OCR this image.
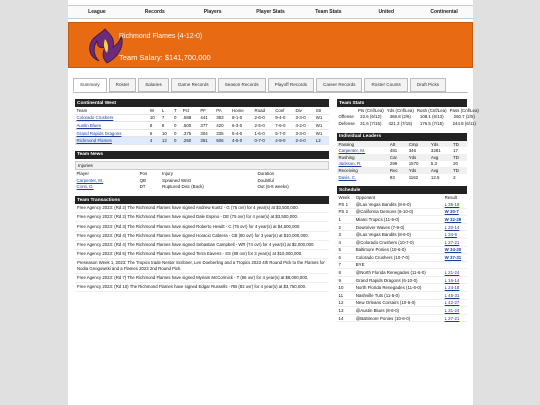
League	Records	Players	Player Stats	Team Stats	United	Continental
Richmond Flames (4-12-0)
Team Salary: $141,700,000
Summary	Roster	Salaries	Game Records	Season Records	Playoff Records	Career Records	Roster Counts	Draft Picks
Continental West
Team	W	L	T	Pct	PF	PA	Home	Road	Conf	Div	Str
Colorado Crushers	10	7	0	.588	441	383	8-1-0	2-6-0	9-4-0	3-3-0	W1
Austin Blues	8	8	0	.500	377	420	6-3-0	2-5-0	7-6-0	4-2-0	W1
Grand Rapids Dragons	6	10	0	.375	304	335	5-4-0	1-6-0	5-7-0	3-3-0	W1
Richmond Flames	4	12	0	.250	361	506	4-5-0	0-7-0	4-9-0	2-4-0	L2
Team News
Injuries
Player	Pos	Injury	Duration
Carpenter, M.	QB	Sprained Wrist	Doubtful
Conti, D.	DT	Ruptured Disc (Back)	Out (6-8 weeks)
Team Transactions

Free Agency 2023: (Rd 2) The Richmond Flames have signed Andrew Kuntz - G (75 ovr) for 4 year(s) at $3,500,000.

Free Agency 2023: (Rd 2) The Richmond Flames have signed Dale Espino - DE (75 ovr) for 4 year(s) at $3,500,000.

Free Agency 2023: (Rd 3) The Richmond Flames have signed Roberto Hewitt - C (76 ovr) for 4 year(s) at $4,500,000.

Free Agency 2023: (Rd 4) The Richmond Flames have signed Horacio Cabrera - CB (80 ovr) for 3 year(s) at $10,000,000.

Free Agency 2023: (Rd 4) The Richmond Flames have signed Sebastian Campbell - WR (74 ovr) for 4 year(s) at $2,000,000.

Free Agency 2023: (Rd 5) The Richmond Flames have signed Terra Eavens - SS (88 ovr) for 3 year(s) at $10,000,000.

Preseason Week 1, 2023: The Tropics trade Nestor Scribner, Len Doeberling and a Tropics 2023 4th Round Pick to the Flames for Nodia Gnogowski and a Flames 2023 2nd Round Pick.

Free Agency 2023: (Rd 7) The Richmond Flames have signed Myriam McCormick - T (86 ovr) for 4 year(s) at $8,000,000.

Free Agency 2023: (Rd 10) The Richmond Flames have signed Edgar Russells - RB (82 ovr) for 4 year(s) at $3,750,000.

Team Stats
	Pts (Cnf/Lea)	Yds (Cnf/Lea)	Rush (Cnf/Lea)	Pass (Cnf/Lea)
Offense	22.6 (6/12)	368.8 (2/6)	108.1 (6/13)	260.7 (2/5)
Defense	31.6 (7/15)	421.3 (7/15)	176.5 (7/15)	244.8 (6/11)
Individual Leaders
Passing	Att	Cmp	Yds	TD
Carpenter, M.	481	346	3281	17
Rushing	Car	Yds	Avg	TD
Jackson, R.	299	1570	5.3	20
Receiving	Rec	Yds	Avg	TD
Davis, C.	93	1162	12.5	2
Schedule
Week	Opponent	Result
PS 1	@Las Vegas Bandits (8-6-0)	L 35-18
PS 2	@California Demons (6-10-0)	W 30-7
1	Miami Tropics (11-5-0)	W 32-29
2	Downriver Waves (7-9-0)	L 20-14
3	@Las Vegas Bandits (8-6-0)	L 34-9
4	@Colorado Crushers (10-7-0)	L 27-21
5	Baltimore Ponies (10-6-0)	W 34-20
6	Colorado Crushers (10-7-0)	W 37-31
7	BYE	
8	@North Florida Renegades (11-6-0)	L 21-24
9	Grand Rapids Dragons (6-10-0)	L 16-14
10	North Florida Renegades (11-6-0)	L 24-18
11	Nashville Tuts (11-5-0)	L 45-31
12	New Orleans Corsairs (10-6-0)	L 42-27
13	@Austin Blues (8-8-0)	L 31-24
14	@Baltimore Ponies (10-6-0)	L 27-21
